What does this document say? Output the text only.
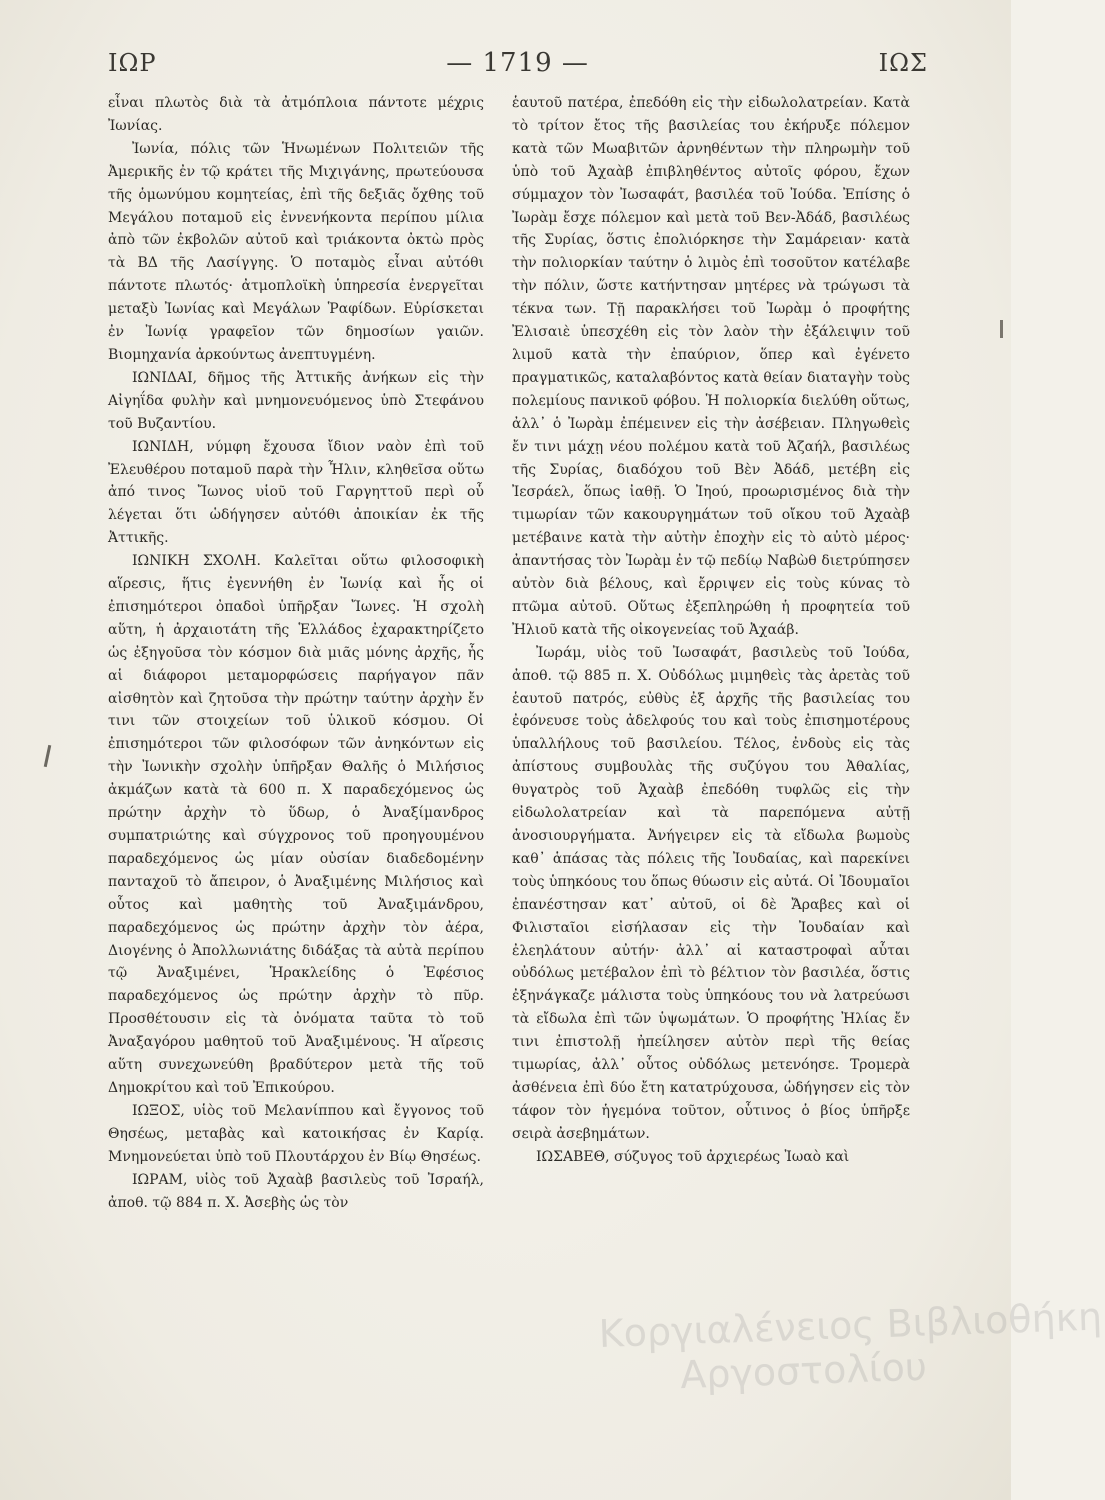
ΙΩΡ	— 1719 —	ΙΩΣ

εἶναι πλωτὸς διὰ τὰ ἀτμόπλοια πάντοτε μέχρις Ἰωνίας.

Ἰωνία, πόλις τῶν Ἡνωμένων Πολιτειῶν τῆς Ἀμερικῆς ἐν τῷ κράτει τῆς Μιχιγάνης, πρωτεύουσα τῆς ὁμωνύμου κομητείας, ἐπὶ τῆς δεξιᾶς ὄχθης τοῦ Μεγάλου ποταμοῦ εἰς ἐννενήκοντα περίπου μίλια ἀπὸ τῶν ἐκβολῶν αὐτοῦ καὶ τριάκοντα ὀκτὼ πρὸς τὰ ΒΔ τῆς Λασίγγης. Ὁ ποταμὸς εἶναι αὐτόθι πάντοτε πλωτός· ἀτμοπλοϊκὴ ὑπηρεσία ἐνεργεῖται μεταξὺ Ἰωνίας καὶ Μεγάλων Ῥαφίδων. Εὑρίσκεται ἐν Ἰωνίᾳ γραφεῖον τῶν δημοσίων γαιῶν. Βιομηχανία ἀρκούντως ἀνεπτυγμένη.

ΙΩΝΙΔΑΙ, δῆμος τῆς Ἀττικῆς ἀνήκων εἰς τὴν Αἰγηΐδα φυλὴν καὶ μνημονευόμενος ὑπὸ Στεφάνου τοῦ Βυζαντίου.

ΙΩΝΙΔΗ, νύμφη ἔχουσα ἴδιον ναὸν ἐπὶ τοῦ Ἐλευθέρου ποταμοῦ παρὰ τὴν Ἦλιν, κληθεῖσα οὕτω ἀπό τινος Ἴωνος υἱοῦ τοῦ Γαργηττοῦ περὶ οὗ λέγεται ὅτι ὡδήγησεν αὐτόθι ἀποικίαν ἐκ τῆς Ἀττικῆς.

ΙΩΝΙΚΗ ΣΧΟΛΗ. Καλεῖται οὕτω φιλοσοφικὴ αἵρεσις, ἥτις ἐγεννήθη ἐν Ἰωνίᾳ καὶ ἧς οἱ ἐπισημότεροι ὀπαδοὶ ὑπῆρξαν Ἴωνες. Ἡ σχολὴ αὕτη, ἡ ἀρχαιοτάτη τῆς Ἑλλάδος ἐχαρακτηρίζετο ὡς ἐξηγοῦσα τὸν κόσμον διὰ μιᾶς μόνης ἀρχῆς, ἧς αἱ διάφοροι μεταμορφώσεις παρήγαγον πᾶν αἰσθητὸν καὶ ζητοῦσα τὴν πρώτην ταύτην ἀρχὴν ἔν τινι τῶν στοιχείων τοῦ ὑλικοῦ κόσμου. Οἱ ἐπισημότεροι τῶν φιλοσόφων τῶν ἀνηκόντων εἰς τὴν Ἰωνικὴν σχολὴν ὑπῆρξαν Θαλῆς ὁ Μιλήσιος ἀκμάζων κατὰ τὰ 600 π. Χ παραδεχόμενος ὡς πρώτην ἀρχὴν τὸ ὕδωρ, ὁ Ἀναξίμανδρος συμπατριώτης καὶ σύγχρονος τοῦ προηγουμένου παραδεχόμενος ὡς μίαν οὐσίαν διαδεδομένην πανταχοῦ τὸ ἄπειρον, ὁ Ἀναξιμένης Μιλήσιος καὶ οὗτος καὶ μαθητὴς τοῦ Ἀναξιμάνδρου, παραδεχόμενος ὡς πρώτην ἀρχὴν τὸν ἀέρα, Διογένης ὁ Ἀπολλωνιάτης διδάξας τὰ αὐτὰ περίπου τῷ Ἀναξιμένει, Ἡρακλείδης ὁ Ἐφέσιος παραδεχόμενος ὡς πρώτην ἀρχὴν τὸ πῦρ. Προσθέτουσιν εἰς τὰ ὀνόματα ταῦτα τὸ τοῦ Ἀναξαγόρου μαθητοῦ τοῦ Ἀναξιμένους. Ἡ αἵρεσις αὕτη συνεχωνεύθη βραδύτερον μετὰ τῆς τοῦ Δημοκρίτου καὶ τοῦ Ἐπικούρου.

ΙΩΞΟΣ, υἱὸς τοῦ Μελανίππου καὶ ἔγγονος τοῦ Θησέως, μεταβὰς καὶ κατοικήσας ἐν Καρίᾳ. Μνημονεύεται ὑπὸ τοῦ Πλουτάρχου ἐν Βίῳ Θησέως.

ΙΩΡΑΜ, υἱὸς τοῦ Ἀχαὰβ βασιλεὺς τοῦ Ἰσραήλ, ἀποθ. τῷ 884 π. Χ. Ἀσεβὴς ὡς τὸν

ἑαυτοῦ πατέρα, ἐπεδόθη εἰς τὴν εἰδωλολατρείαν. Κατὰ τὸ τρίτον ἔτος τῆς βασιλείας του ἐκήρυξε πόλεμον κατὰ τῶν Μωαβιτῶν ἀρνηθέντων τὴν πληρωμὴν τοῦ ὑπὸ τοῦ Ἀχαὰβ ἐπιβληθέντος αὐτοῖς φόρου, ἔχων σύμμαχον τὸν Ἰωσαφάτ, βασιλέα τοῦ Ἰούδα. Ἐπίσης ὁ Ἰωρὰμ ἔσχε πόλεμον καὶ μετὰ τοῦ Βεν-Ἀδάδ, βασιλέως τῆς Συρίας, ὅστις ἐπολιόρκησε τὴν Σαμάρειαν· κατὰ τὴν πολιορκίαν ταύτην ὁ λιμὸς ἐπὶ τοσοῦτον κατέλαβε τὴν πόλιν, ὥστε κατήντησαν μητέρες νὰ τρώγωσι τὰ τέκνα των. Τῇ παρακλήσει τοῦ Ἰωρὰμ ὁ προφήτης Ἐλισαιὲ ὑπεσχέθη εἰς τὸν λαὸν τὴν ἐξάλειψιν τοῦ λιμοῦ κατὰ τὴν ἐπαύριον, ὅπερ καὶ ἐγένετο πραγματικῶς, καταλαβόντος κατὰ θείαν διαταγὴν τοὺς πολεμίους πανικοῦ φόβου. Ἡ πολιορκία διελύθη οὕτως, ἀλλ᾽ ὁ Ἰωρὰμ ἐπέμεινεν εἰς τὴν ἀσέβειαν. Πληγωθεὶς ἔν τινι μάχῃ νέου πολέμου κατὰ τοῦ Ἀζαήλ, βασιλέως τῆς Συρίας, διαδόχου τοῦ Βὲν Ἀδάδ, μετέβη εἰς Ἰεσράελ, ὅπως ἰαθῇ. Ὁ Ἰηού, προωρισμένος διὰ τὴν τιμωρίαν τῶν κακουργημάτων τοῦ οἴκου τοῦ Ἀχαὰβ μετέβαινε κατὰ τὴν αὐτὴν ἐποχὴν εἰς τὸ αὐτὸ μέρος· ἀπαντήσας τὸν Ἰωρὰμ ἐν τῷ πεδίῳ Ναβὼθ διετρύπησεν αὐτὸν διὰ βέλους, καὶ ἔρριψεν εἰς τοὺς κύνας τὸ πτῶμα αὐτοῦ. Οὕτως ἐξεπληρώθη ἡ προφητεία τοῦ Ἠλιοῦ κατὰ τῆς οἰκογενείας τοῦ Ἀχαάβ.

Ἰωράμ, υἱὸς τοῦ Ἰωσαφάτ, βασιλεὺς τοῦ Ἰούδα, ἀποθ. τῷ 885 π. Χ. Οὐδόλως μιμηθεὶς τὰς ἀρετὰς τοῦ ἑαυτοῦ πατρός, εὐθὺς ἐξ ἀρχῆς τῆς βασιλείας του ἐφόνευσε τοὺς ἀδελφούς του καὶ τοὺς ἐπισημοτέρους ὑπαλλήλους τοῦ βασιλείου. Τέλος, ἐνδοὺς εἰς τὰς ἀπίστους συμβουλὰς τῆς συζύγου του Ἀθαλίας, θυγατρὸς τοῦ Ἀχαὰβ ἐπεδόθη τυφλῶς εἰς τὴν εἰδωλολατρείαν καὶ τὰ παρεπόμενα αὐτῇ ἀνοσιουργήματα. Ἀνήγειρεν εἰς τὰ εἴδωλα βωμοὺς καθ᾽ ἁπάσας τὰς πόλεις τῆς Ἰουδαίας, καὶ παρεκίνει τοὺς ὑπηκόους του ὅπως θύωσιν εἰς αὐτά. Οἱ Ἰδουμαῖοι ἐπανέστησαν κατ᾽ αὐτοῦ, οἱ δὲ Ἄραβες καὶ οἱ Φιλισταῖοι εἰσήλασαν εἰς τὴν Ἰουδαίαν καὶ ἐλεηλάτουν αὐτήν· ἀλλ᾽ αἱ καταστροφαὶ αὗται οὐδόλως μετέβαλον ἐπὶ τὸ βέλτιον τὸν βασιλέα, ὅστις ἐξηνάγκαζε μάλιστα τοὺς ὑπηκόους του νὰ λατρεύωσι τὰ εἴδωλα ἐπὶ τῶν ὑψωμάτων. Ὁ προφήτης Ἠλίας ἔν τινι ἐπιστολῇ ἠπείλησεν αὐτὸν περὶ τῆς θείας τιμωρίας, ἀλλ᾽ οὗτος οὐδόλως μετενόησε. Τρομερὰ ἀσθένεια ἐπὶ δύο ἔτη κατατρύχουσα, ὡδήγησεν εἰς τὸν τάφον τὸν ἡγεμόνα τοῦτον, οὗτινος ὁ βίος ὑπῆρξε σειρὰ ἀσεβημάτων.

ΙΩΣΑΒΕΘ, σύζυγος τοῦ ἀρχιερέως Ἰωαὸ καὶ

Κοργιαλένειος Βιβλιοθήκη
Αργοστολίου
